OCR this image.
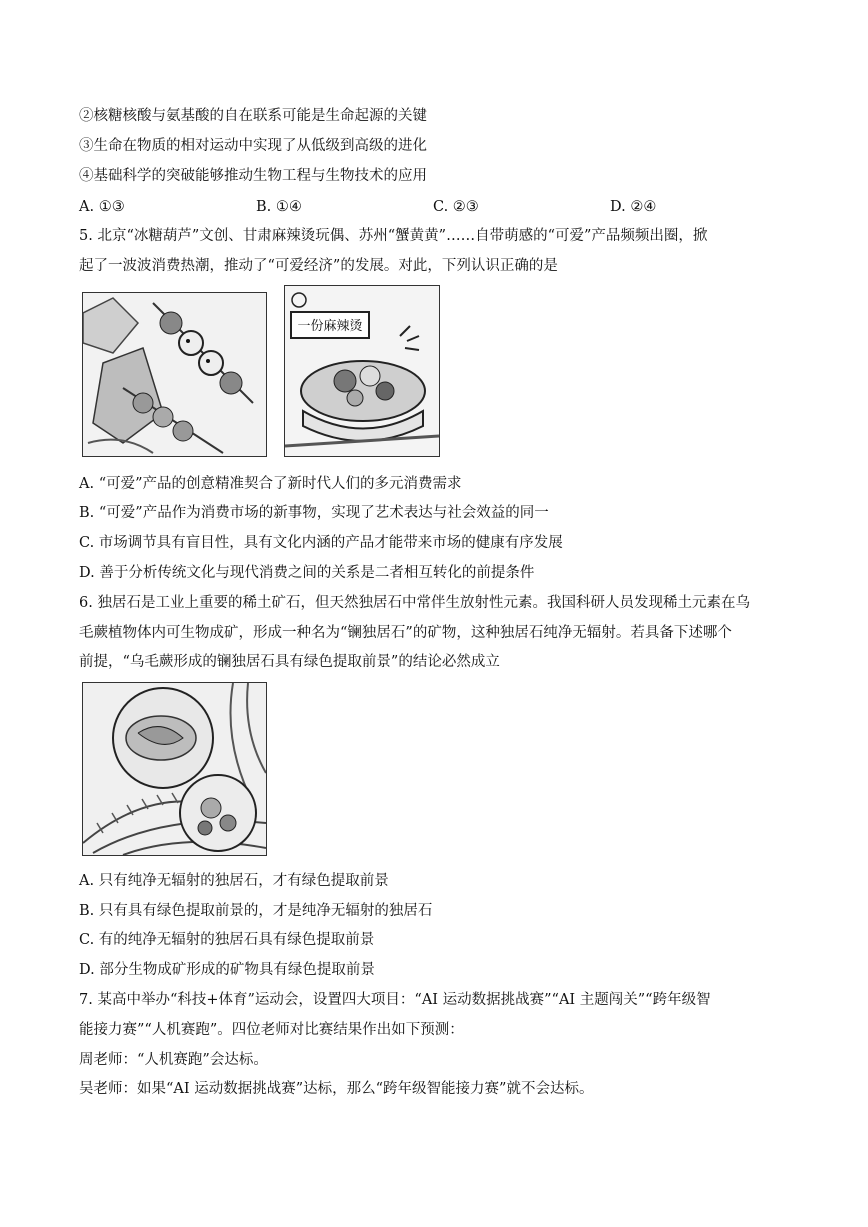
②核糖核酸与氨基酸的自在联系可能是生命起源的关键
③生命在物质的相对运动中实现了从低级到高级的进化
④基础科学的突破能够推动生物工程与生物技术的应用
A. ①③	B. ①④	C. ②③	D. ②④
5. 北京“冰糖葫芦”文创、甘肃麻辣烫玩偶、苏州“蟹黄黄”……自带萌感的“可爱”产品频频出圈，掀
起了一波波消费热潮，推动了“可爱经济”的发展。对此，下列认识正确的是
一份麻辣烫
A. “可爱”产品的创意精准契合了新时代人们的多元消费需求
B. “可爱”产品作为消费市场的新事物，实现了艺术表达与社会效益的同一
C. 市场调节具有盲目性，具有文化内涵的产品才能带来市场的健康有序发展
D. 善于分析传统文化与现代消费之间的关系是二者相互转化的前提条件
6. 独居石是工业上重要的稀土矿石，但天然独居石中常伴生放射性元素。我国科研人员发现稀土元素在乌
毛蕨植物体内可生物成矿，形成一种名为“镧独居石”的矿物，这种独居石纯净无辐射。若具备下述哪个
前提，“乌毛蕨形成的镧独居石具有绿色提取前景”的结论必然成立
A. 只有纯净无辐射的独居石，才有绿色提取前景
B. 只有具有绿色提取前景的，才是纯净无辐射的独居石
C. 有的纯净无辐射的独居石具有绿色提取前景
D. 部分生物成矿形成的矿物具有绿色提取前景
7. 某高中举办“科技+体育”运动会，设置四大项目：“AI 运动数据挑战赛”“AI 主题闯关”“跨年级智
能接力赛”“人机赛跑”。四位老师对比赛结果作出如下预测：
周老师：“人机赛跑”会达标。
吴老师：如果“AI 运动数据挑战赛”达标，那么“跨年级智能接力赛”就不会达标。
